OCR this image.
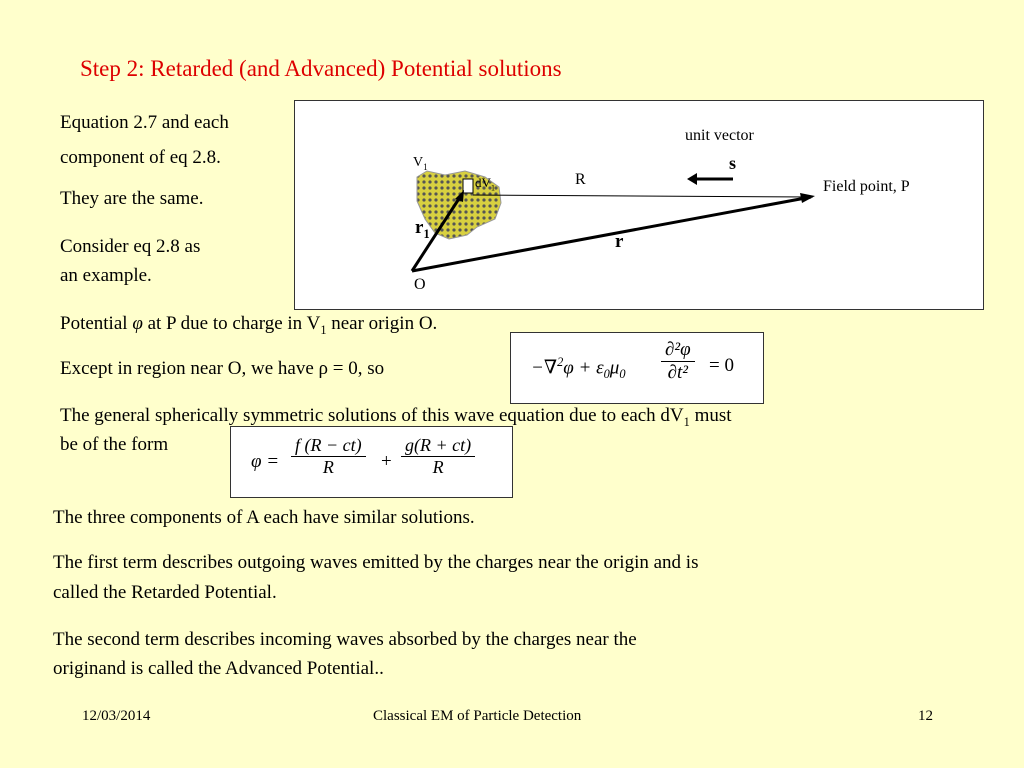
Step 2: Retarded (and Advanced) Potential solutions
Equation 2.7 and each
component of eq 2.8.
They are the same.
Consider eq 2.8 as
an example.
unit vector
s
$V_1$
$dV_1$	R	Field point, P
$r_1$	r
O
Potential φ at P due to charge in $V_1$ near origin O.
Except in region near O, we have ρ = 0, so	$-\nabla^2\varphi + \varepsilon_0\mu_0 \frac{\text{∂²φ}}{\text{∂t²}} = 0$
The general spherically symmetric solutions of this wave equation due to each $dV_1$ must
be of the form
$\varphi = \frac{f (R - ct)}{R} + \frac{g(R + ct)}{R}$
The three components of A each have similar solutions.
The first term describes outgoing waves emitted by the charges near the origin and is
called the Retarded Potential.
The second term describes incoming waves absorbed by the charges near the
originand is called the Advanced Potential..
12/03/2014	Classical EM of Particle Detection	12
